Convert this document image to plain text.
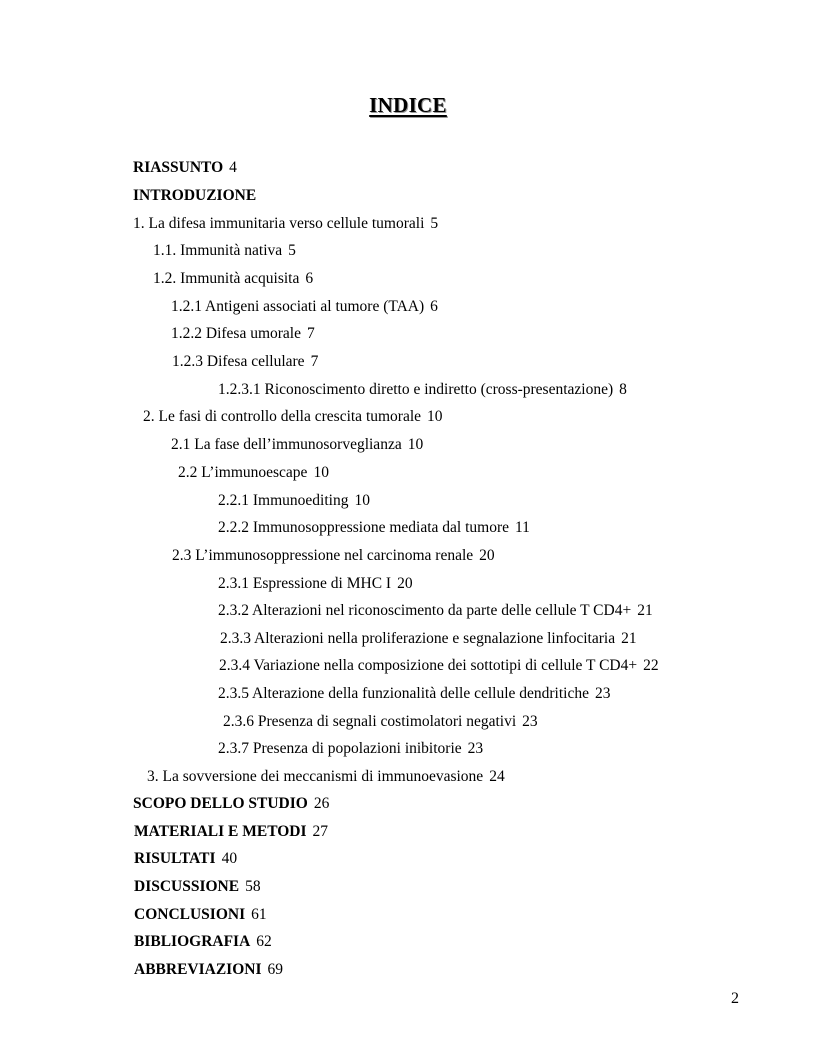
INDICE
RIASSUNTO 4
INTRODUZIONE
1. La difesa immunitaria verso cellule tumorali 5
1.1. Immunità nativa 5
1.2. Immunità acquisita 6
1.2.1 Antigeni associati al tumore (TAA) 6
1.2.2 Difesa umorale 7
1.2.3 Difesa cellulare 7
1.2.3.1 Riconoscimento diretto e indiretto (cross-presentazione) 8
2. Le fasi di controllo della crescita tumorale 10
2.1 La fase dell’immunosorveglianza 10
2.2 L’immunoescape 10
2.2.1 Immunoediting 10
2.2.2 Immunosoppressione mediata dal tumore 11
2.3 L’immunosoppressione nel carcinoma renale 20
2.3.1 Espressione di MHC I 20
2.3.2 Alterazioni nel riconoscimento da parte delle cellule T CD4+ 21
2.3.3 Alterazioni nella proliferazione e segnalazione linfocitaria 21
2.3.4 Variazione nella composizione dei sottotipi di cellule T CD4+ 22
2.3.5 Alterazione della funzionalità delle cellule dendritiche 23
2.3.6 Presenza di segnali costimolatori negativi 23
2.3.7 Presenza di popolazioni inibitorie 23
3. La sovversione dei meccanismi di immunoevasione 24
SCOPO DELLO STUDIO 26
MATERIALI E METODI 27
RISULTATI 40
DISCUSSIONE 58
CONCLUSIONI 61
BIBLIOGRAFIA 62
ABBREVIAZIONI 69
2
